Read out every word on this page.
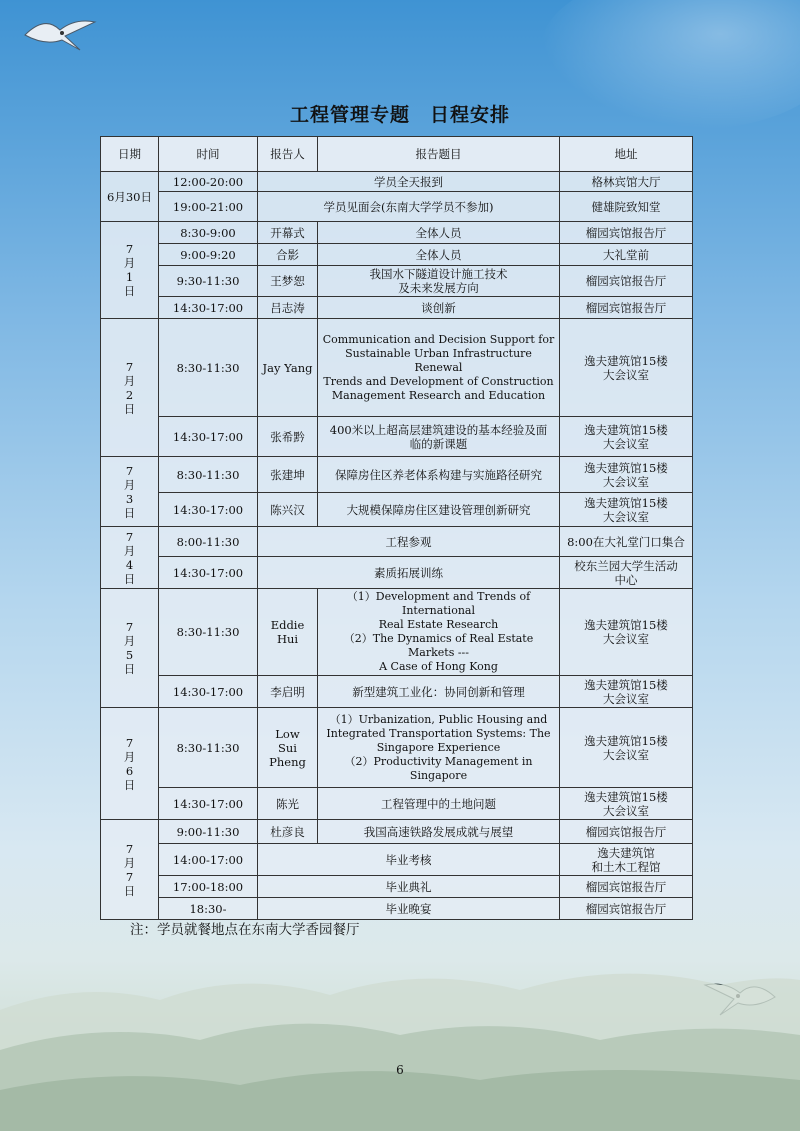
工程管理专题　日程安排
日期	时间	报告人	报告题目	地址
6月30日	12:00-20:00	学员全天报到		格林宾馆大厅
	19:00-21:00	学员见面会(东南大学学员不参加)		健雄院致知堂
7
月
1
日	8:30-9:00	开幕式	全体人员	榴园宾馆报告厅
	9:00-9:20	合影	全体人员	大礼堂前
	9:30-11:30	王梦恕	我国水下隧道设计施工技术
及未来发展方向	榴园宾馆报告厅
	14:30-17:00	吕志涛	谈创新	榴园宾馆报告厅
7
月
2
日	8:30-11:30	Jay Yang	Communication and Decision Support for
Sustainable Urban Infrastructure Renewal
Trends and Development of Construction
Management Research and Education	逸夫建筑馆15楼
大会议室
	14:30-17:00	张希黔	400米以上超高层建筑建设的基本经验及面
临的新课题	逸夫建筑馆15楼
大会议室
7
月
3
日	8:30-11:30	张建坤	保障房住区养老体系构建与实施路径研究	逸夫建筑馆15楼
大会议室
	14:30-17:00	陈兴汉	大规模保障房住区建设管理创新研究	逸夫建筑馆15楼
大会议室
7
月
4
日	8:00-11:30	工程参观		8:00在大礼堂门口集合
	14:30-17:00	素质拓展训练		校东兰园大学生活动
中心
7
月
5
日	8:30-11:30	Eddie
Hui	（1）Development and Trends of International
Real Estate Research
（2）The Dynamics of Real Estate Markets ---
A Case of Hong Kong	逸夫建筑馆15楼
大会议室
	14:30-17:00	李启明	新型建筑工业化：协同创新和管理	逸夫建筑馆15楼
大会议室
7
月
6
日	8:30-11:30	Low
Sui
Pheng	（1）Urbanization, Public Housing and
Integrated Transportation Systems: The
Singapore Experience
（2）Productivity Management in Singapore	逸夫建筑馆15楼
大会议室
	14:30-17:00	陈光	工程管理中的土地问题	逸夫建筑馆15楼
大会议室
7
月
7
日	9:00-11:30	杜彦良	我国高速铁路发展成就与展望	榴园宾馆报告厅
	14:00-17:00	毕业考核		逸夫建筑馆
和土木工程馆
	17:00-18:00	毕业典礼		榴园宾馆报告厅
	18:30-	毕业晚宴		榴园宾馆报告厅
注：学员就餐地点在东南大学香园餐厅
6
